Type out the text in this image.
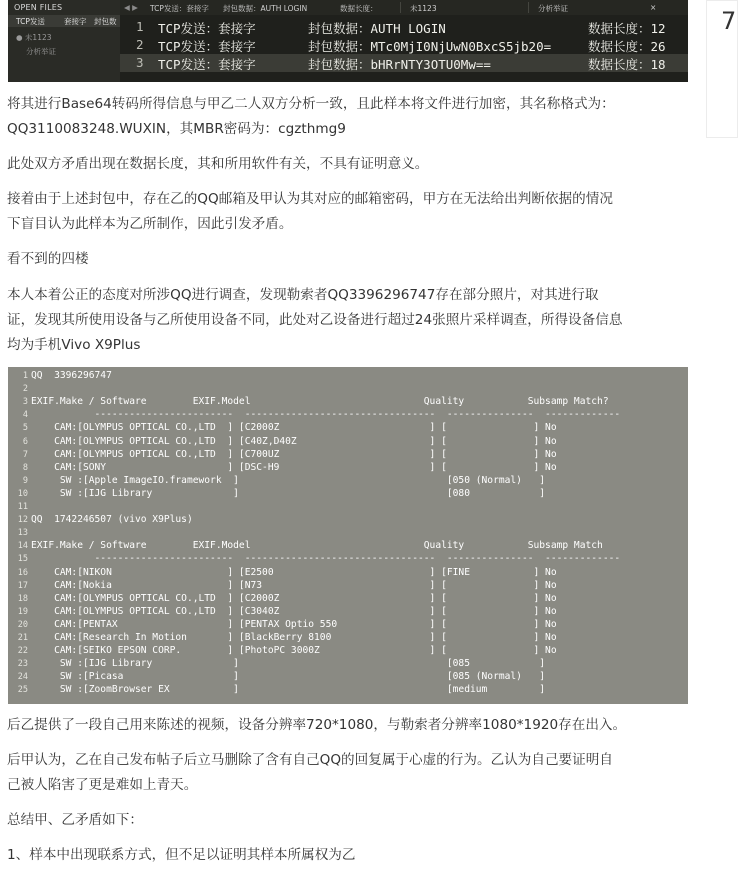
OPEN FILES
TCP发送	套接字 封包数
● 未1123
分析举证
◀ ▶ TCP发送：套接字 封包数据：AUTH LOGIN	数据长度：	未1123	分析举证	×
1 TCP发送：套接字	封包数据：AUTH LOGIN	数据长度：12
2 TCP发送：套接字	封包数据：MTc0MjI0NjUwN0BxcS5jb20=	数据长度：26
3 TCP发送：套接字	封包数据：bHRrNTY3OTU0Mw==	数据长度：18
7

将其进行Base64转码所得信息与甲乙二人双方分析一致，且此样本将文件进行加密，其名称格式为：
QQ3110083248.WUXIN，其MBR密码为：cgzthmg9

此处双方矛盾出现在数据长度，其和所用软件有关，不具有证明意义。

接着由于上述封包中，存在乙的QQ邮箱及甲认为其对应的邮箱密码，甲方在无法给出判断依据的情况
下盲目认为此样本为乙所制作，因此引发矛盾。

看不到的四楼

本人本着公正的态度对所涉QQ进行调查，发现勒索者QQ3396296747存在部分照片，对其进行取
证，发现其所使用设备与乙所使用设备不同，此处对乙设备进行超过24张照片采样调查，所得设备信息
均为手机Vivo X9Plus

1 QQ  3396296747
2
3 EXIF.Make / Software        EXIF.Model                              Quality           Subsamp Match?
4 ------------------------  ---------------------------------  ---------------  -------------
5 CAM:[OLYMPUS OPTICAL CO.,LTD  ] [C2000Z                          ] [               ] No
6 CAM:[OLYMPUS OPTICAL CO.,LTD  ] [C40Z,D40Z                       ] [               ] No
7 CAM:[OLYMPUS OPTICAL CO.,LTD  ] [C700UZ                          ] [               ] No
8 CAM:[SONY                     ] [DSC-H9                          ] [               ] No
9 SW :[Apple ImageIO.framework  ]                                    [050 (Normal)   ]
10 SW :[IJG Library              ]                                    [080            ]
11
12 QQ  1742246507 (vivo X9Plus)
13
14 EXIF.Make / Software        EXIF.Model                              Quality           Subsamp Match
15 ------------------------  ---------------------------------  ---------------  -------------
16 CAM:[NIKON                    ] [E2500                           ] [FINE           ] No
17 CAM:[Nokia                    ] [N73                             ] [               ] No
18 CAM:[OLYMPUS OPTICAL CO.,LTD  ] [C2000Z                          ] [               ] No
19 CAM:[OLYMPUS OPTICAL CO.,LTD  ] [C3040Z                          ] [               ] No
20 CAM:[PENTAX                   ] [PENTAX Optio 550                ] [               ] No
21 CAM:[Research In Motion       ] [BlackBerry 8100                 ] [               ] No
22 CAM:[SEIKO EPSON CORP.        ] [PhotoPC 3000Z                   ] [               ] No
23 SW :[IJG Library              ]                                    [085            ]
24 SW :[Picasa                   ]                                    [085 (Normal)   ]
25 SW :[ZoomBrowser EX           ]                                    [medium         ]

后乙提供了一段自己用来陈述的视频，设备分辨率720*1080，与勒索者分辨率1080*1920存在出入。

后甲认为，乙在自己发布帖子后立马删除了含有自己QQ的回复属于心虚的行为。乙认为自己要证明自
己被人陷害了更是难如上青天。

总结甲、乙矛盾如下：

1、样本中出现联系方式，但不足以证明其样本所属权为乙
